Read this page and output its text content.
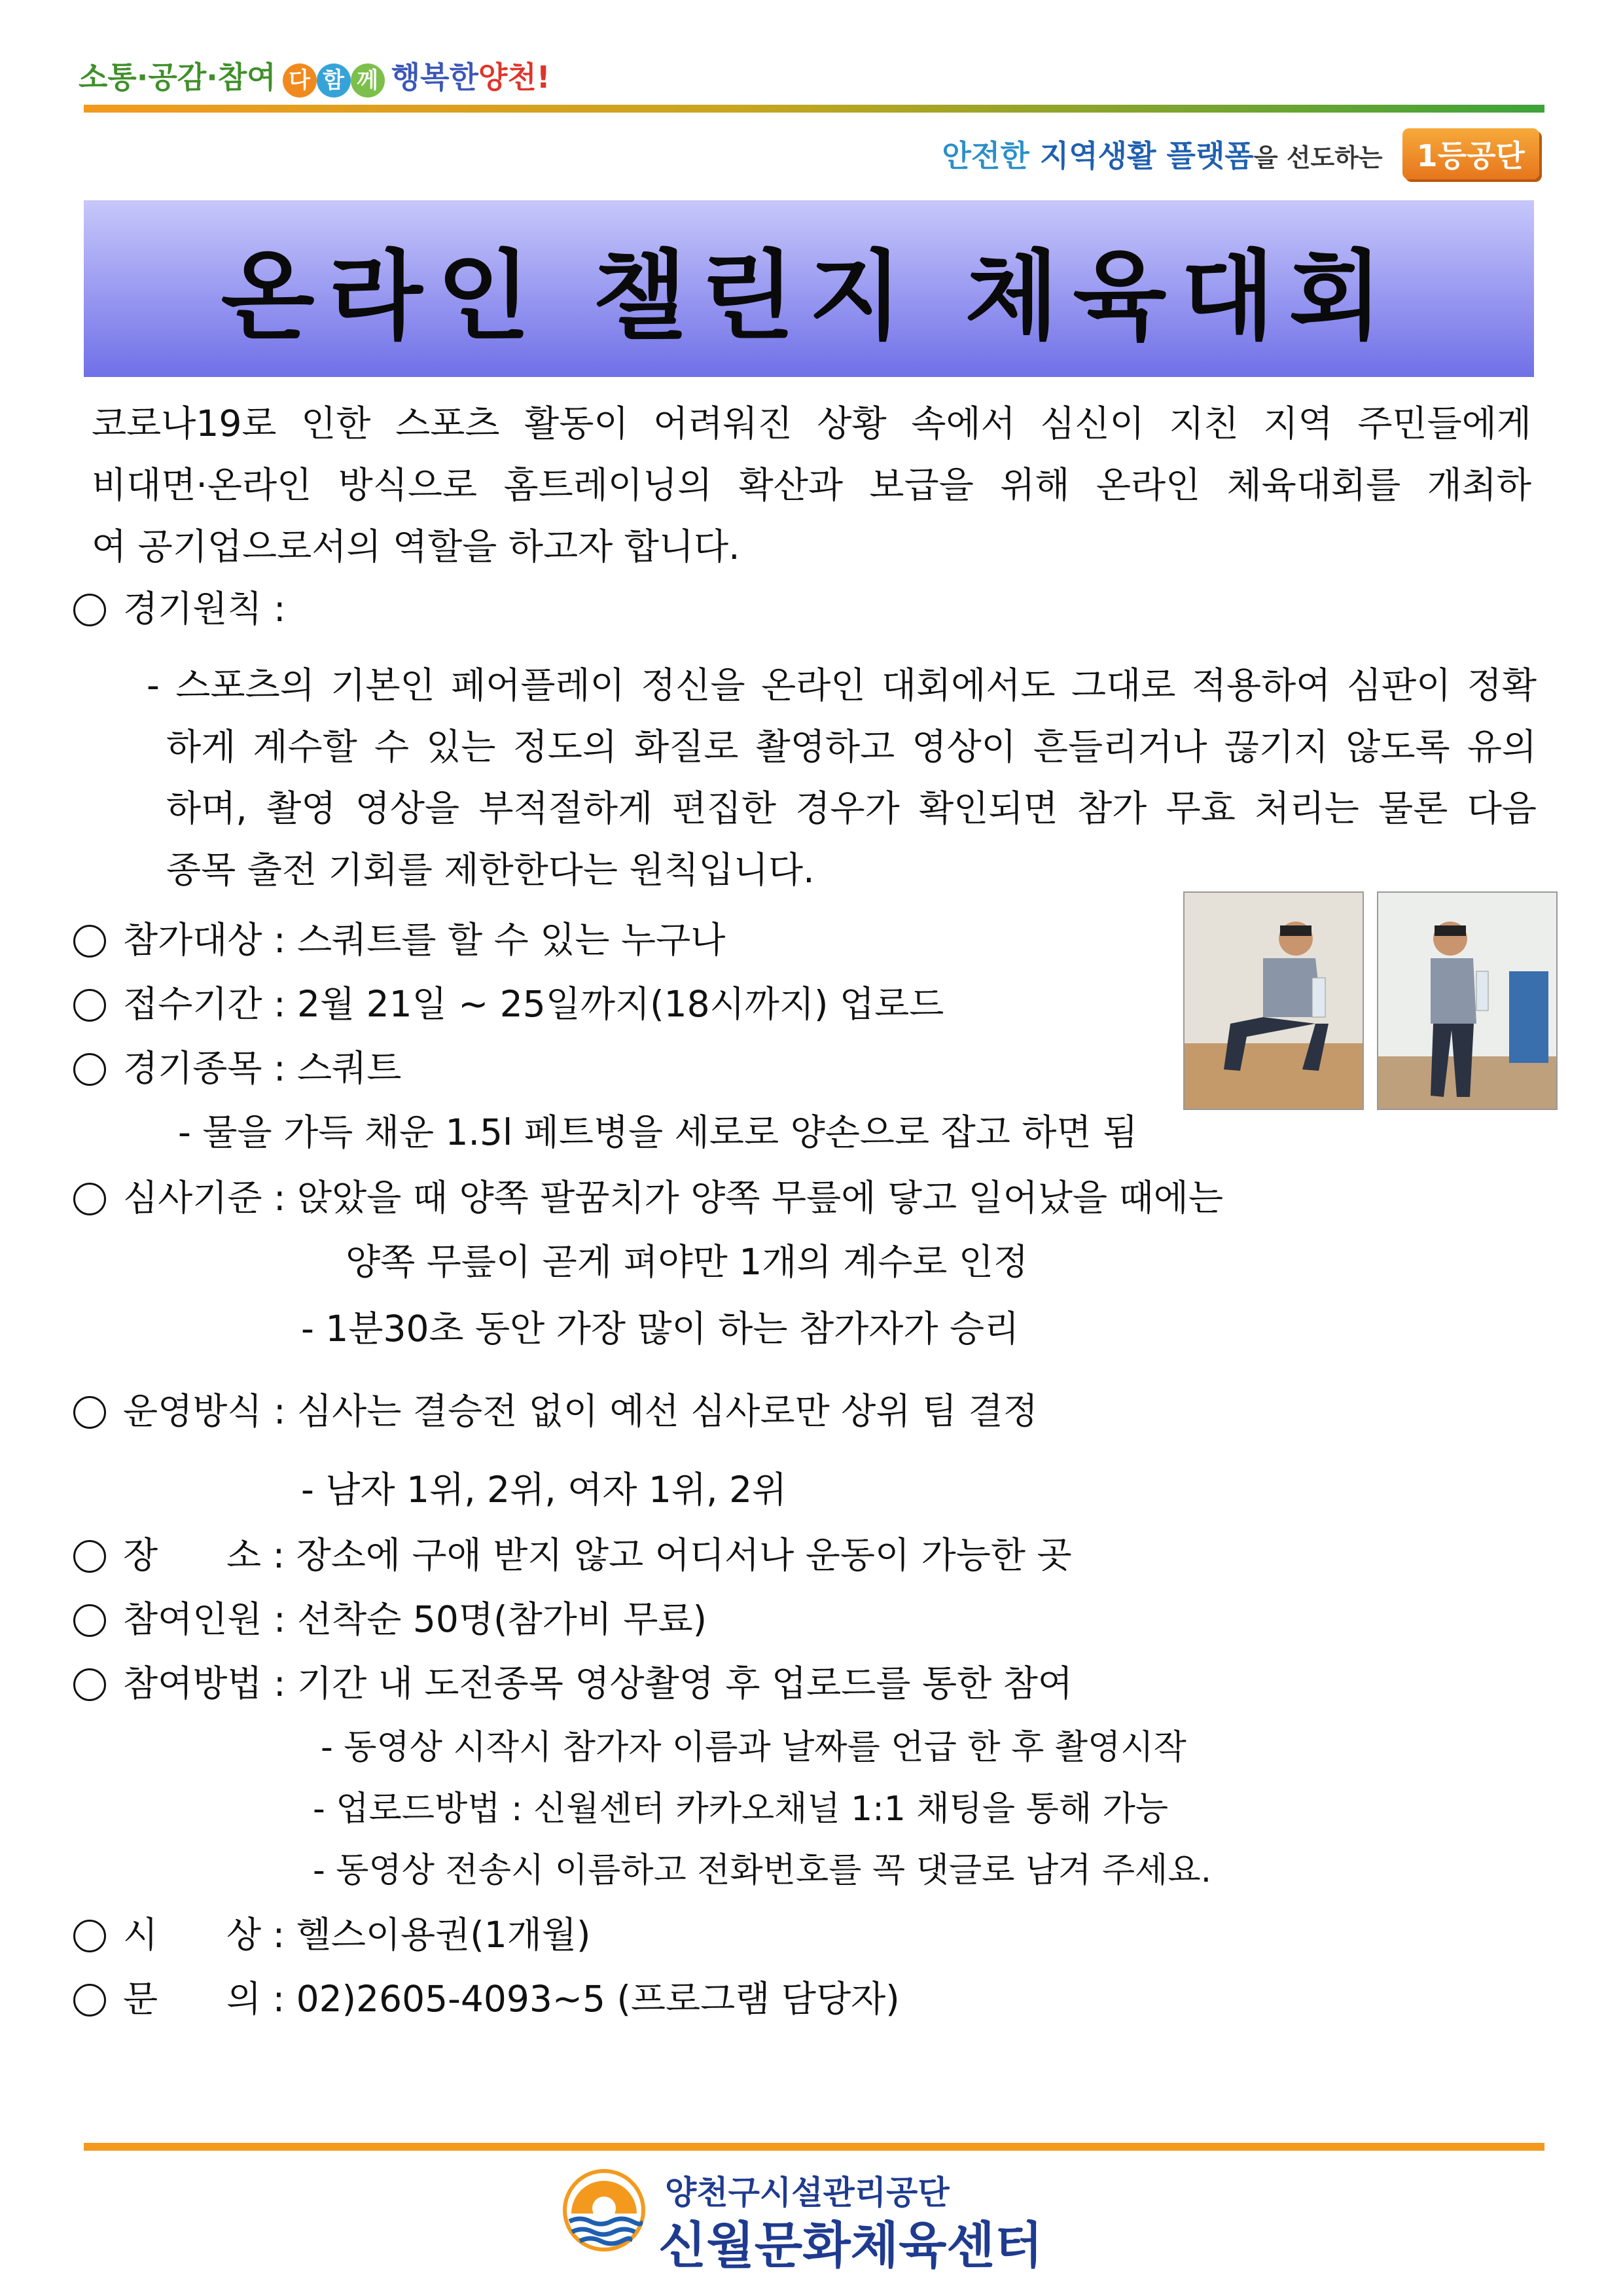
소통·공감·참여 다 함 께 행복한양천!
안전한 지역생활 플랫폼을 선도하는 1등공단
온라인 챌린지 체육대회
코로나19로 인한 스포츠 활동이 어려워진 상황 속에서 심신이 지친 지역 주민들에게
비대면·온라인 방식으로 홈트레이닝의 확산과 보급을 위해 온라인 체육대회를 개최하
여 공기업으로서의 역할을 하고자 합니다.
경기원칙 :
- 스포츠의 기본인 페어플레이 정신을 온라인 대회에서도 그대로 적용하여 심판이 정확
하게 계수할 수 있는 정도의 화질로 촬영하고 영상이 흔들리거나 끊기지 않도록 유의
하며, 촬영 영상을 부적절하게 편집한 경우가 확인되면 참가 무효 처리는 물론 다음
종목 출전 기회를 제한한다는 원칙입니다.
참가대상 : 스쿼트를 할 수 있는 누구나
접수기간 : 2월 21일 ~ 25일까지(18시까지) 업로드
경기종목 : 스쿼트
- 물을 가득 채운 1.5l 페트병을 세로로 양손으로 잡고 하면 됨
심사기준 : 앉았을 때 양쪽 팔꿈치가 양쪽 무릎에 닿고 일어났을 때에는
양쪽 무릎이 곧게 펴야만 1개의 계수로 인정
- 1분30초 동안 가장 많이 하는 참가자가 승리
운영방식 : 심사는 결승전 없이 예선 심사로만 상위 팀 결정
- 남자 1위, 2위, 여자 1위, 2위
장      소 : 장소에 구애 받지 않고 어디서나 운동이 가능한 곳
참여인원 : 선착순 50명(참가비 무료)
참여방법 : 기간 내 도전종목 영상촬영 후 업로드를 통한 참여
- 동영상 시작시 참가자 이름과 날짜를 언급 한 후 촬영시작
- 업로드방법 : 신월센터 카카오채널 1:1 채팅을 통해 가능
- 동영상 전송시 이름하고 전화번호를 꼭 댓글로 남겨 주세요.
시      상 : 헬스이용권(1개월)
문      의 : 02)2605-4093~5 (프로그램 담당자)
양천구시설관리공단
신월문화체육센터
